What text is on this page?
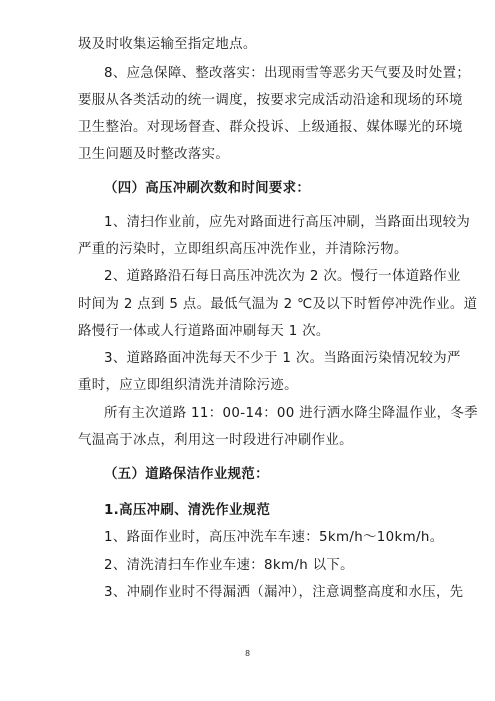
圾及时收集运输至指定地点。
8、应急保障、整改落实：出现雨雪等恶劣天气要及时处置；
要服从各类活动的统一调度，按要求完成活动沿途和现场的环境
卫生整治。对现场督查、群众投诉、上级通报、媒体曝光的环境
卫生问题及时整改落实。
（四）高压冲刷次数和时间要求：
1、清扫作业前，应先对路面进行高压冲刷，当路面出现较为
严重的污染时，立即组织高压冲洗作业，并清除污物。
2、道路路沿石每日高压冲洗次为 2 次。慢行一体道路作业
时间为 2 点到 5 点。最低气温为 2 ℃及以下时暂停冲洗作业。道
路慢行一体或人行道路面冲刷每天 1 次。
3、道路路面冲洗每天不少于 1 次。当路面污染情况较为严
重时，应立即组织清洗并清除污迹。
所有主次道路 11：00-14：00 进行洒水降尘降温作业，冬季
气温高于冰点，利用这一时段进行冲刷作业。
（五）道路保洁作业规范：
1.高压冲刷、清洗作业规范
1、路面作业时，高压冲洗车车速：5km/h～10km/h。
2、清洗清扫车作业车速：8km/h 以下。
3、冲刷作业时不得漏洒（漏冲），注意调整高度和水压，先
8
